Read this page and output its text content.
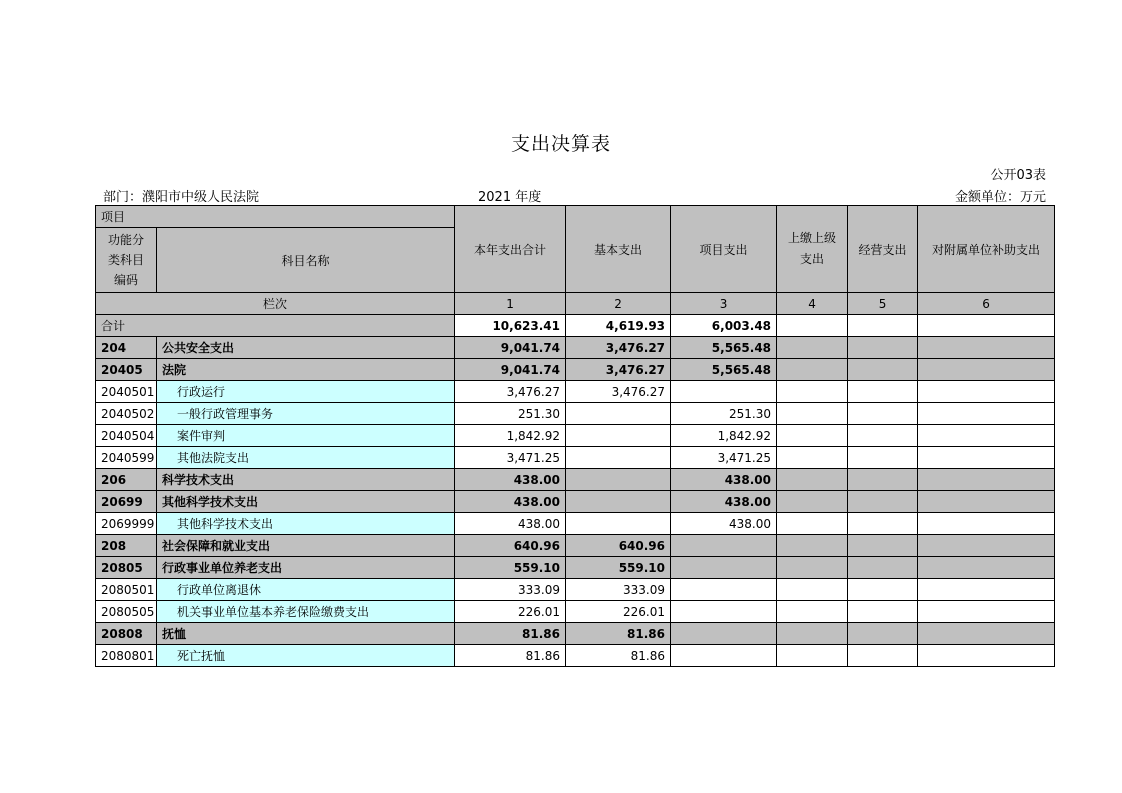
支出决算表
公开03表
部门：濮阳市中级人民法院	2021 年度	金额单位：万元
项目		本年支出合计	基本支出	项目支出	上缴上级支出	经营支出	对附属单位补助支出
功能分类科目编码	科目名称						
栏次		1	2	3	4	5	6
合计		10,623.41	4,619.93	6,003.48			
204	公共安全支出	9,041.74	3,476.27	5,565.48			
20405	法院	9,041.74	3,476.27	5,565.48			
2040501	行政运行	3,476.27	3,476.27				
2040502	一般行政管理事务	251.30		251.30			
2040504	案件审判	1,842.92		1,842.92			
2040599	其他法院支出	3,471.25		3,471.25			
206	科学技术支出	438.00		438.00			
20699	其他科学技术支出	438.00		438.00			
2069999	其他科学技术支出	438.00		438.00			
208	社会保障和就业支出	640.96	640.96				
20805	行政事业单位养老支出	559.10	559.10				
2080501	行政单位离退休	333.09	333.09				
2080505	机关事业单位基本养老保险缴费支出	226.01	226.01				
20808	抚恤	81.86	81.86				
2080801	死亡抚恤	81.86	81.86				
